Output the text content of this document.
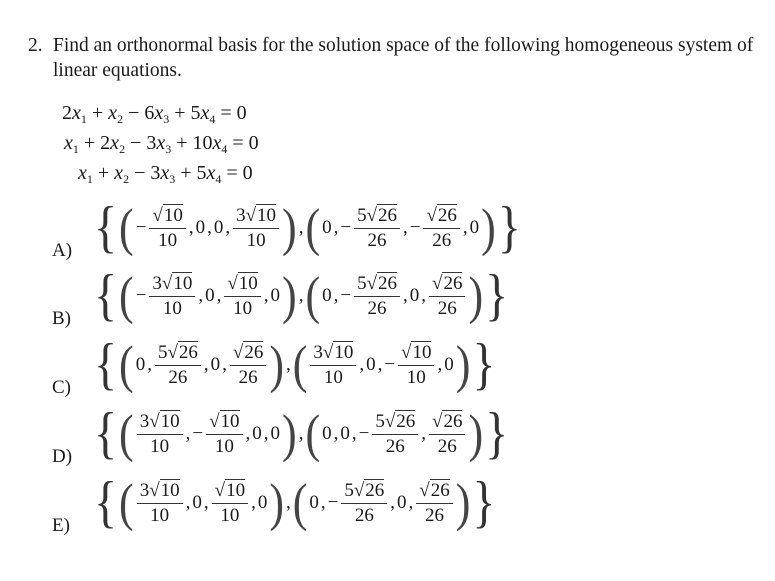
2. Find an orthonormal basis for the solution space of the following homogeneous system of linear equations.
$2x_1 + x_2 - 6x_3 + 5x_4 = 0$
$x_1 + 2x_2 - 3x_3 + 10x_4 = 0$
$x_1 + x_2 - 3x_3 + 5x_4 = 0$
A) { ( − $\frac{√10}{10}$ , 0 , 0 , $\frac{3√10}{10}$ ) , ( 0 , − $\frac{5√26}{26}$ , − $\frac{√26}{26}$ , 0 ) }
B) { ( − $\frac{3√10}{10}$ , 0 , $\frac{√10}{10}$ , 0 ) , ( 0 , − $\frac{5√26}{26}$ , 0 , $\frac{√26}{26}$ ) }
C) { ( 0 , $\frac{5√26}{26}$ , 0 , $\frac{√26}{26}$ ) , ( $\frac{3√10}{10}$ , 0 , − $\frac{√10}{10}$ , 0 ) }
D) { ( $\frac{3√10}{10}$ , − $\frac{√10}{10}$ , 0 , 0 ) , ( 0 , 0 , − $\frac{5√26}{26}$ , $\frac{√26}{26}$ ) }
E) { ( $\frac{3√10}{10}$ , 0 , $\frac{√10}{10}$ , 0 ) , ( 0 , − $\frac{5√26}{26}$ , 0 , $\frac{√26}{26}$ ) }
